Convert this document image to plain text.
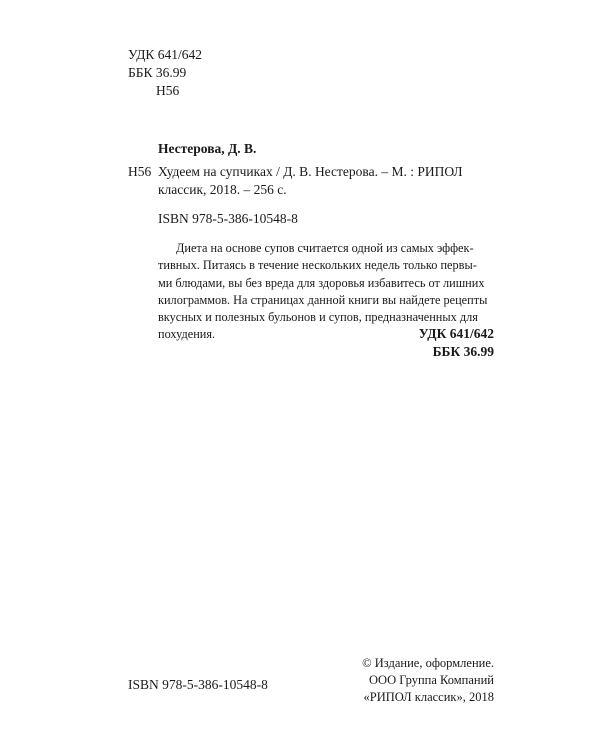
УДК 641/642
ББК 36.99
Н56
Нестерова, Д. В.
Н56 Худеем на супчиках / Д. В. Нестерова. – М. : РИПОЛ
классик, 2018. – 256 с.
ISBN 978-5-386-10548-8
Диета на основе супов считается одной из самых эффек-
тивных. Питаясь в течение нескольких недель только первы-
ми блюдами, вы без вреда для здоровья избавитесь от лишних
килограммов. На страницах данной книги вы найдете рецепты
вкусных и полезных бульонов и супов, предназначенных для
похудения.	УДК 641/642
ББК 36.99
ISBN 978-5-386-10548-8
© Издание, оформление.
ООО Группа Компаний
«РИПОЛ классик», 2018
